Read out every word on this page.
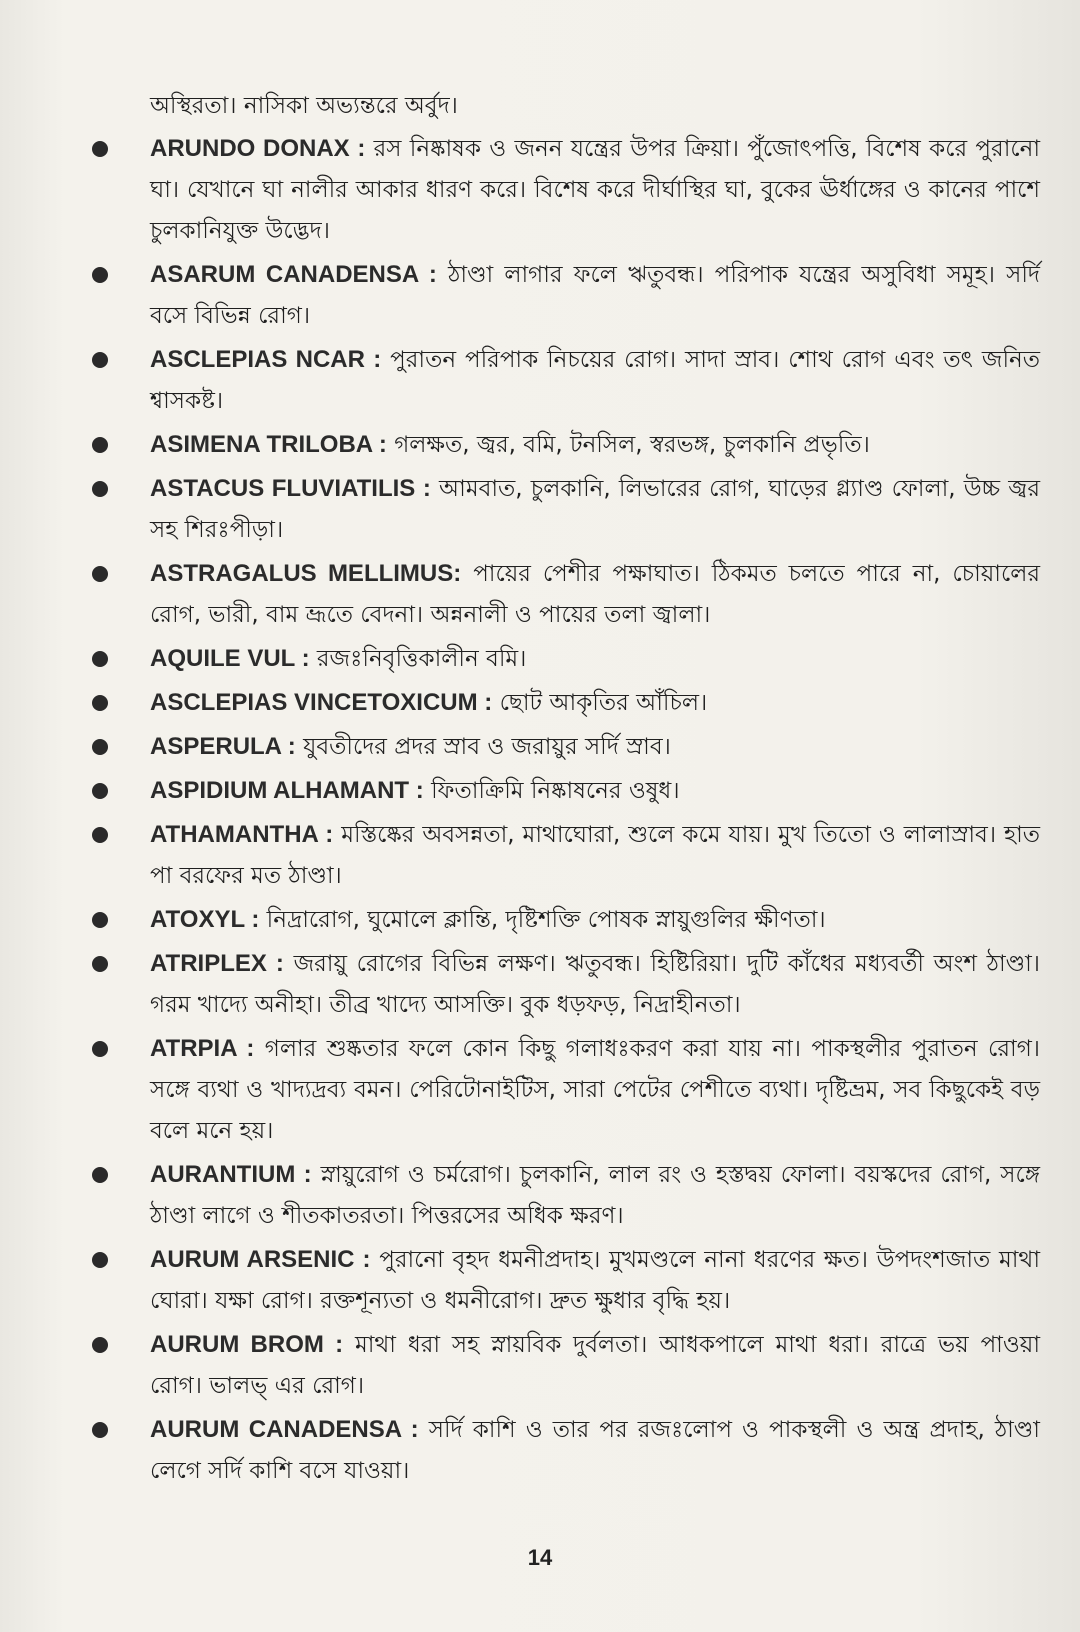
অস্থিরতা। নাসিকা অভ্যন্তরে অর্বুদ।
ARUNDO DONAX : রস নিষ্কাষক ও জনন যন্ত্রের উপর ক্রিয়া। পুঁজোৎপত্তি, বিশেষ করে পুরানো ঘা। যেখানে ঘা নালীর আকার ধারণ করে। বিশেষ করে দীর্ঘাস্থির ঘা, বুকের ঊর্ধাঙ্গের ও কানের পাশে চুলকানিযুক্ত উদ্ভেদ।
ASARUM CANADENSA : ঠাণ্ডা লাগার ফলে ঋতুবন্ধ। পরিপাক যন্ত্রের অসুবিধা সমূহ। সর্দি বসে বিভিন্ন রোগ।
ASCLEPIAS NCAR : পুরাতন পরিপাক নিচয়ের রোগ। সাদা স্রাব। শোথ রোগ এবং তৎ জনিত শ্বাসকষ্ট।
ASIMENA TRILOBA : গলক্ষত, জ্বর, বমি, টনসিল, স্বরভঙ্গ, চুলকানি প্রভৃতি।
ASTACUS FLUVIATILIS : আমবাত, চুলকানি, লিভারের রোগ, ঘাড়ের গ্ল্যাণ্ড ফোলা, উচ্চ জ্বর সহ শিরঃপীড়া।
ASTRAGALUS MELLIMUS: পায়ের পেশীর পক্ষাঘাত। ঠিকমত চলতে পারে না, চোয়ালের রোগ, ভারী, বাম ভ্রূতে বেদনা। অন্ননালী ও পায়ের তলা জ্বালা।
AQUILE VUL : রজঃনিবৃত্তিকালীন বমি।
ASCLEPIAS VINCETOXICUM : ছোট আকৃতির আঁচিল।
ASPERULA : যুবতীদের প্রদর স্রাব ও জরায়ুর সর্দি স্রাব।
ASPIDIUM ALHAMANT : ফিতাক্রিমি নিষ্কাষনের ওষুধ।
ATHAMANTHA : মস্তিষ্কের অবসন্নতা, মাথাঘোরা, শুলে কমে যায়। মুখ তিতো ও লালাস্রাব। হাত পা বরফের মত ঠাণ্ডা।
ATOXYL : নিদ্রারোগ, ঘুমোলে ক্লান্তি, দৃষ্টিশক্তি পোষক স্নায়ুগুলির ক্ষীণতা।
ATRIPLEX : জরায়ু রোগের বিভিন্ন লক্ষণ। ঋতুবন্ধ। হিষ্টিরিয়া। দুটি কাঁধের মধ্যবর্তী অংশ ঠাণ্ডা। গরম খাদ্যে অনীহা। তীব্র খাদ্যে আসক্তি। বুক ধড়ফড়, নিদ্রাহীনতা।
ATRPIA : গলার শুষ্কতার ফলে কোন কিছু গলাধঃকরণ করা যায় না। পাকস্থলীর পুরাতন রোগ। সঙ্গে ব্যথা ও খাদ্যদ্রব্য বমন। পেরিটোনাইটিস, সারা পেটের পেশীতে ব্যথা। দৃষ্টিভ্রম, সব কিছুকেই বড় বলে মনে হয়।
AURANTIUM : স্নায়ুরোগ ও চর্মরোগ। চুলকানি, লাল রং ও হস্তদ্বয় ফোলা। বয়স্কদের রোগ, সঙ্গে ঠাণ্ডা লাগে ও শীতকাতরতা। পিত্তরসের অধিক ক্ষরণ।
AURUM ARSENIC : পুরানো বৃহদ ধমনীপ্রদাহ। মুখমণ্ডলে নানা ধরণের ক্ষত। উপদংশজাত মাথা ঘোরা। যক্ষা রোগ। রক্তশূন্যতা ও ধমনীরোগ। দ্রুত ক্ষুধার বৃদ্ধি হয়।
AURUM BROM : মাথা ধরা সহ স্নায়বিক দুর্বলতা। আধকপালে মাথা ধরা। রাত্রে ভয় পাওয়া রোগ। ভালভ্ এর রোগ।
AURUM CANADENSA : সর্দি কাশি ও তার পর রজঃলোপ ও পাকস্থলী ও অন্ত্র প্রদাহ, ঠাণ্ডা লেগে সর্দি কাশি বসে যাওয়া।
14
